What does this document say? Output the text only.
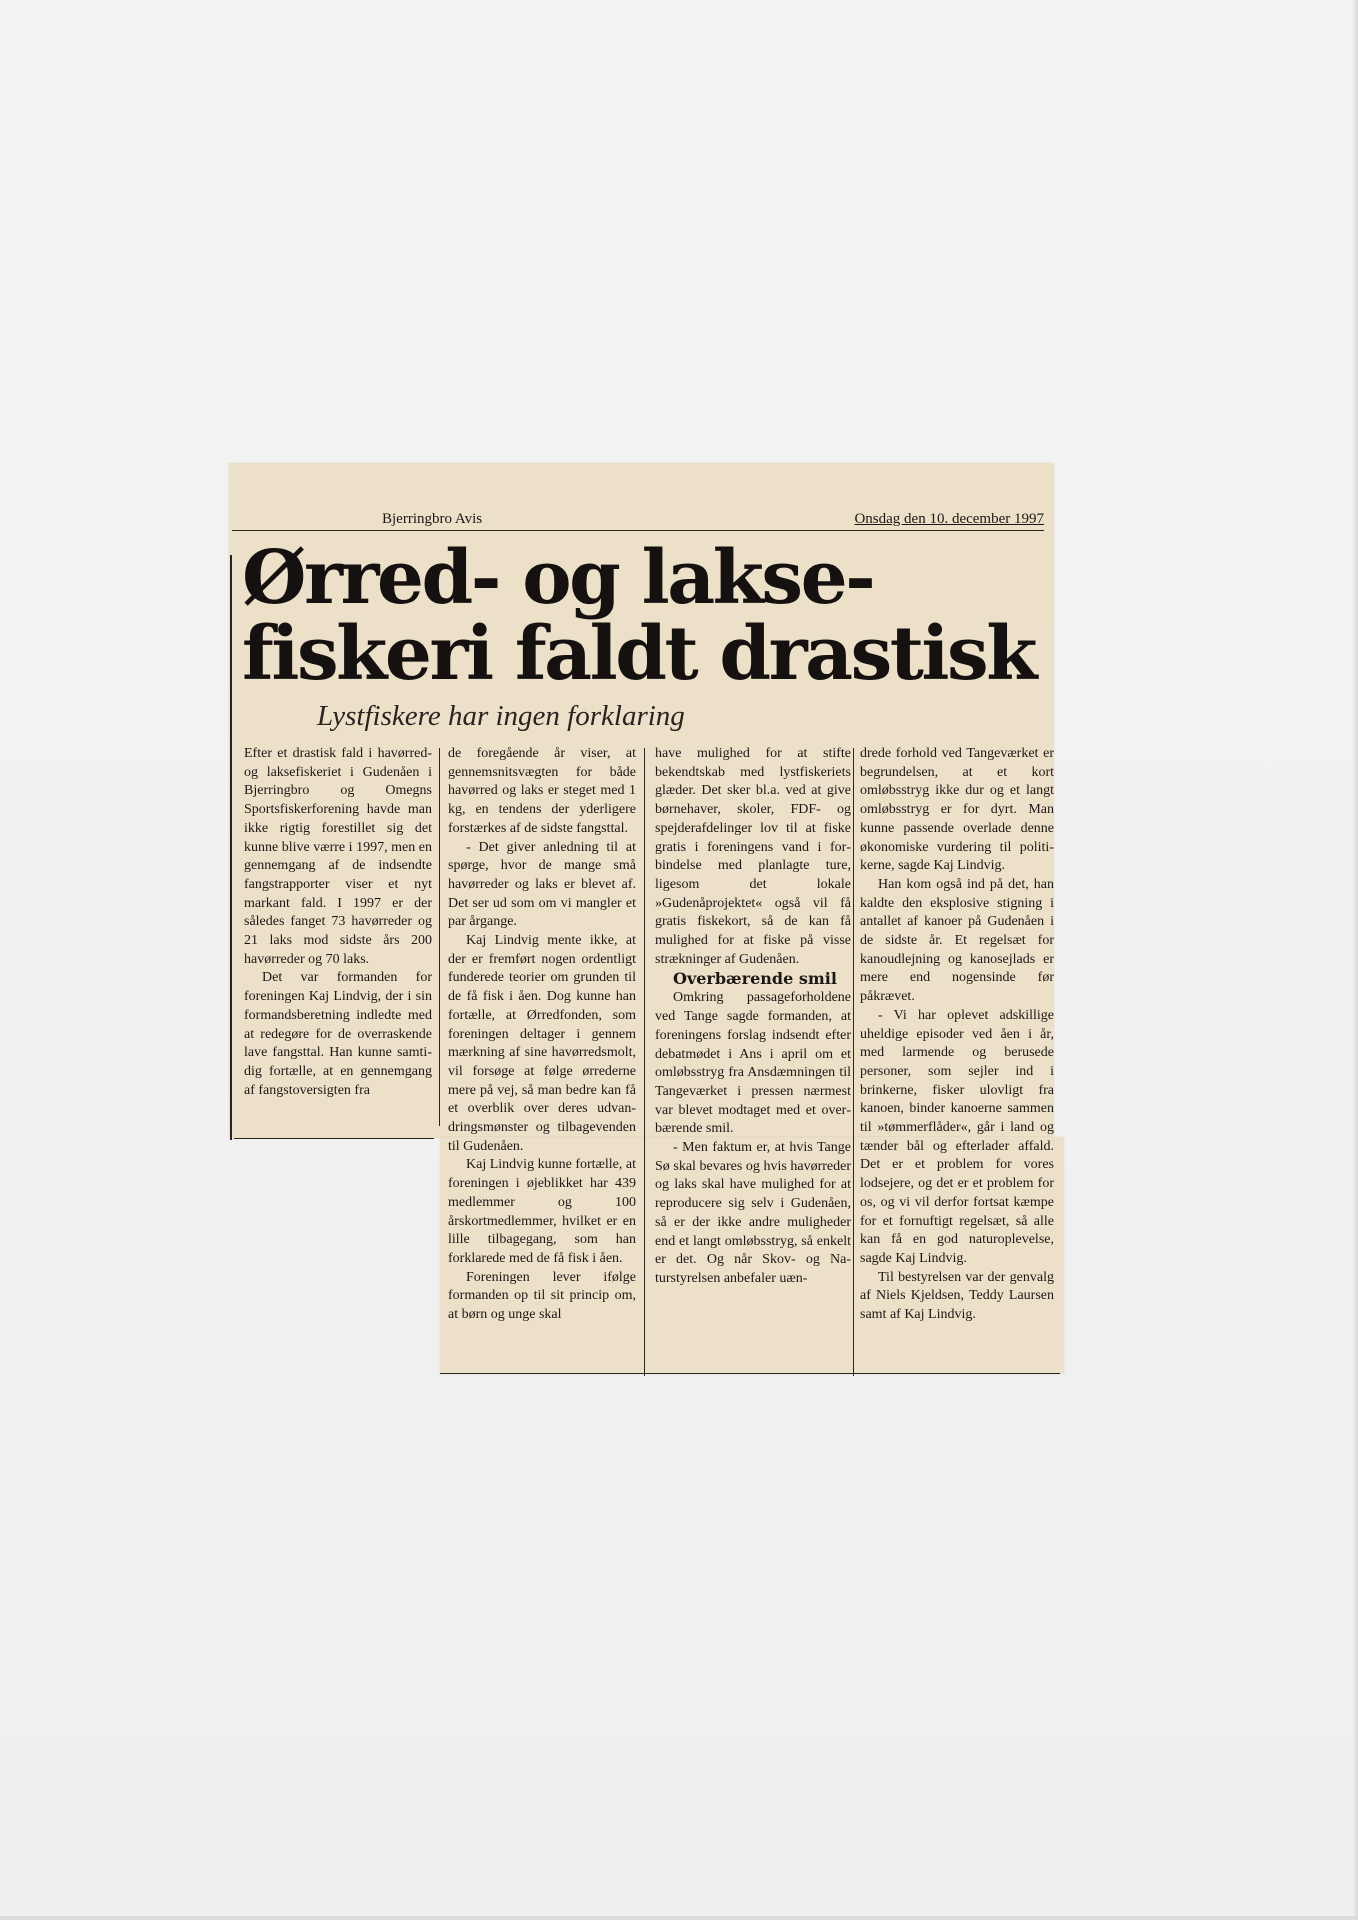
Bjerringbro Avis	Onsdag den 10. december 1997
Ørred- og lakse-
fiskeri faldt drastisk
Lystfiskere har ingen forklaring

Efter et drastisk fald i havørred- og laksefiskeriet i Gudenåen i Bjerringbro og Omegns Sportsfiskerforening havde man ikke rigtig forestillet sig det kunne blive værre i 1997, men en gennemgang af de indsendte fangstrapporter viser et nyt markant fald. I 1997 er der således fanget 73 havørreder og 21 laks mod sidste års 200 havørreder og 70 laks.

Det var formanden for foreningen Kaj Lindvig, der i sin formandsberetning indledte med at redegøre for de overraskende lave fangsttal. Han kunne samtidig fortælle, at en gennemgang af fangstoversigten fra

de foregående år viser, at gennemsnitsvægten for både havørred og laks er steget med 1 kg, en tendens der yderligere forstærkes af de sidste fangsttal.

- Det giver anledning til at spørge, hvor de mange små havørreder og laks er blevet af. Det ser ud som om vi mangler et par årgange.

Kaj Lindvig mente ikke, at der er fremført nogen ordentligt funderede teorier om grunden til de få fisk i åen. Dog kunne han fortælle, at Ørredfonden, som foreningen deltager i gennem mærkning af sine havørredsmolt, vil forsøge at følge ørrederne mere på vej, så man bedre kan få et overblik over deres udvandringsmønster og tilbagevenden til Gudenåen.

Kaj Lindvig kunne fortælle, at foreningen i øjeblikket har 439 medlemmer og 100 årskortmedlemmer, hvilket er en lille tilbagegang, som han forklarede med de få fisk i åen.

Foreningen lever ifølge formanden op til sit princip om, at børn og unge skal

have mulighed for at stifte bekendtskab med lystfiskeriets glæder. Det sker bl.a. ved at give børnehaver, skoler, FDF- og spejderafdelinger lov til at fiske gratis i foreningens vand i forbindelse med planlagte ture, ligesom det lokale »Gudenåprojektet« også vil få gratis fiskekort, så de kan få mulighed for at fiske på visse strækninger af Gudenåen.

Overbærende smil

Omkring passageforholdene ved Tange sagde formanden, at foreningens forslag indsendt efter debatmødet i Ans i april om et omløbsstryg fra Ansdæmningen til Tangeværket i pressen nærmest var blevet modtaget med et overbærende smil.

- Men faktum er, at hvis Tange Sø skal bevares og hvis havørreder og laks skal have mulighed for at reproducere sig selv i Gudenåen, så er der ikke andre muligheder end et langt omløbsstryg, så enkelt er det. Og når Skov- og Naturstyrelsen anbefaler uæn-

drede forhold ved Tangeværket er begrundelsen, at et kort omløbsstryg ikke dur og et langt omløbsstryg er for dyrt. Man kunne passende overlade denne økonomiske vurdering til politikerne, sagde Kaj Lindvig.

Han kom også ind på det, han kaldte den eksplosive stigning i antallet af kanoer på Gudenåen i de sidste år. Et regelsæt for kanoudlejning og kanosejlads er mere end nogensinde før påkrævet.

- Vi har oplevet adskillige uheldige episoder ved åen i år, med larmende og berusede personer, som sejler ind i brinkerne, fisker ulovligt fra kanoen, binder kanoerne sammen til »tømmerflåder«, går i land og tænder bål og efterlader affald. Det er et problem for vores lodsejere, og det er et problem for os, og vi vil derfor fortsat kæmpe for et fornuftigt regelsæt, så alle kan få en god naturoplevelse, sagde Kaj Lindvig.

Til bestyrelsen var der genvalg af Niels Kjeldsen, Teddy Laursen samt af Kaj Lindvig.
